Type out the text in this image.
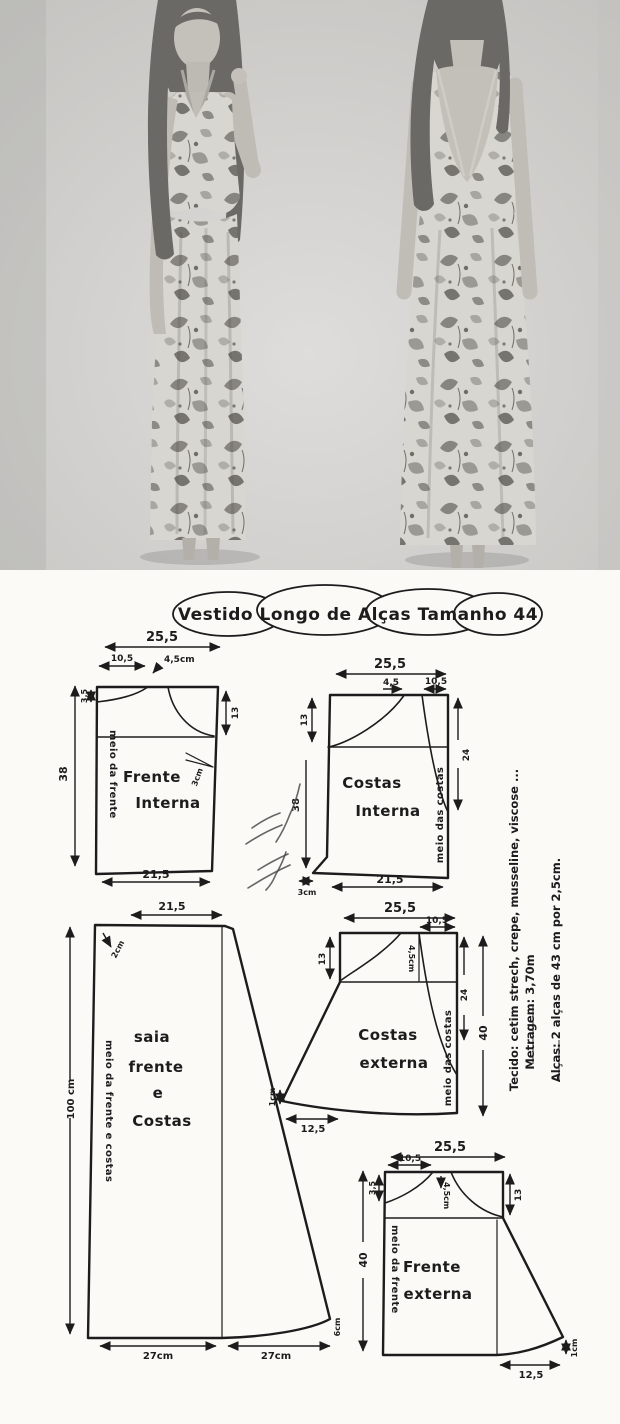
Vestido Longo de Alças Tamanho 44
25,5
10,5	4,5cm
3,5
13
38
21,5
3cm
meio da frente Frente
Interna
25,5
4,5	10,5
13
24
38
21,5
3cm
meio das costas
Costas
Interna
2cm
21,5
100 cm	meio da frente e costas
saia
frente
e
Costas
27cm	27cm
6cm
25,5
10,5
13	4,5cm
24
40
meio das costas
12,5
1cm
Costas
externa
25,5
10,5
3,5	4,5cm	13
40 meio da frente Frente
externa
12,5
1cm
Tecido: cetim strech, crepe, musseline, viscose ... Metragem: 3,70m Alças: 2 alças de 43 cm por 2,5cm.
